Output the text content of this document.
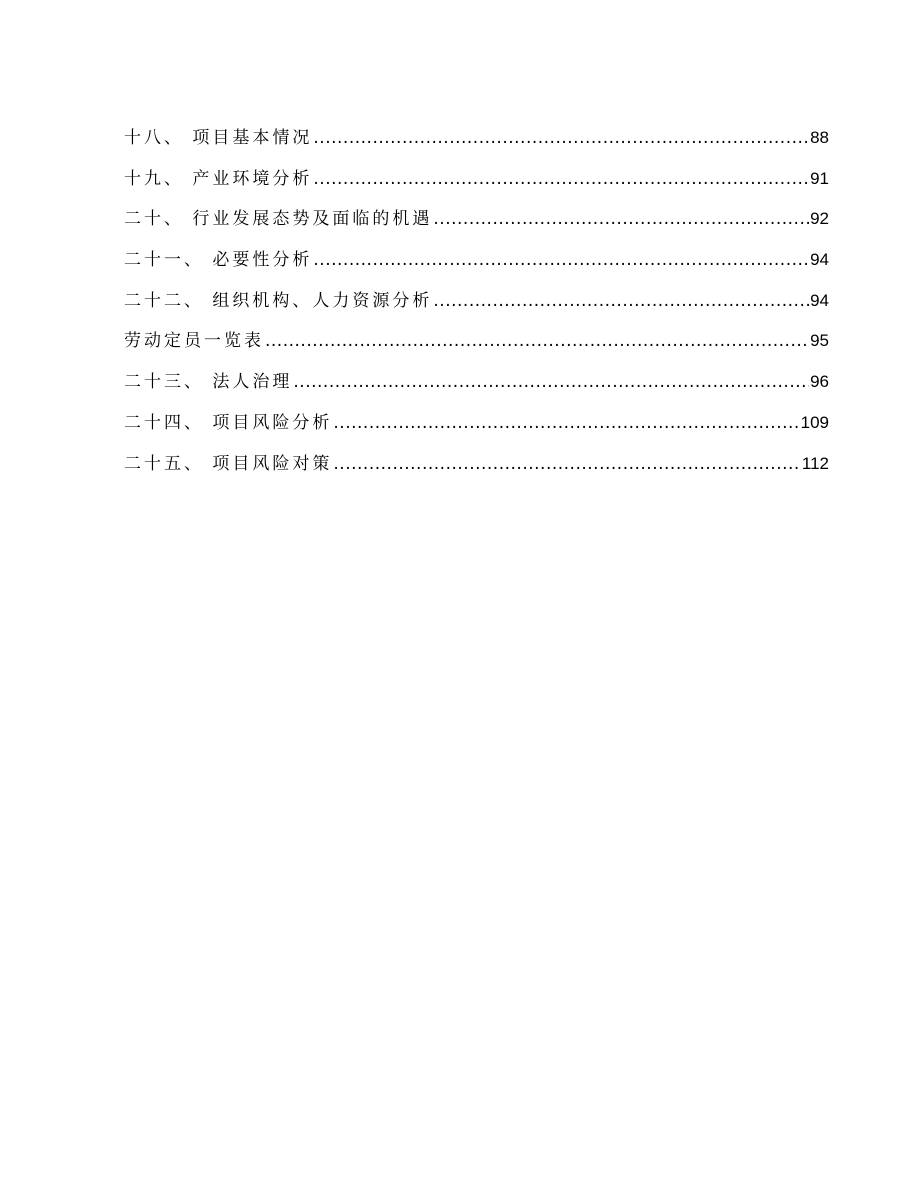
十八、 项目基本情况 .....	88
十九、 产业环境分析 .....	91
二十、 行业发展态势及面临的机遇 .....	92
二十一、 必要性分析 .....	94
二十二、 组织机构、人力资源分析 .....	94
劳动定员一览表 .....	95
二十三、 法人治理 .....	96
二十四、 项目风险分析 .....	109
二十五、 项目风险对策 .....	112
